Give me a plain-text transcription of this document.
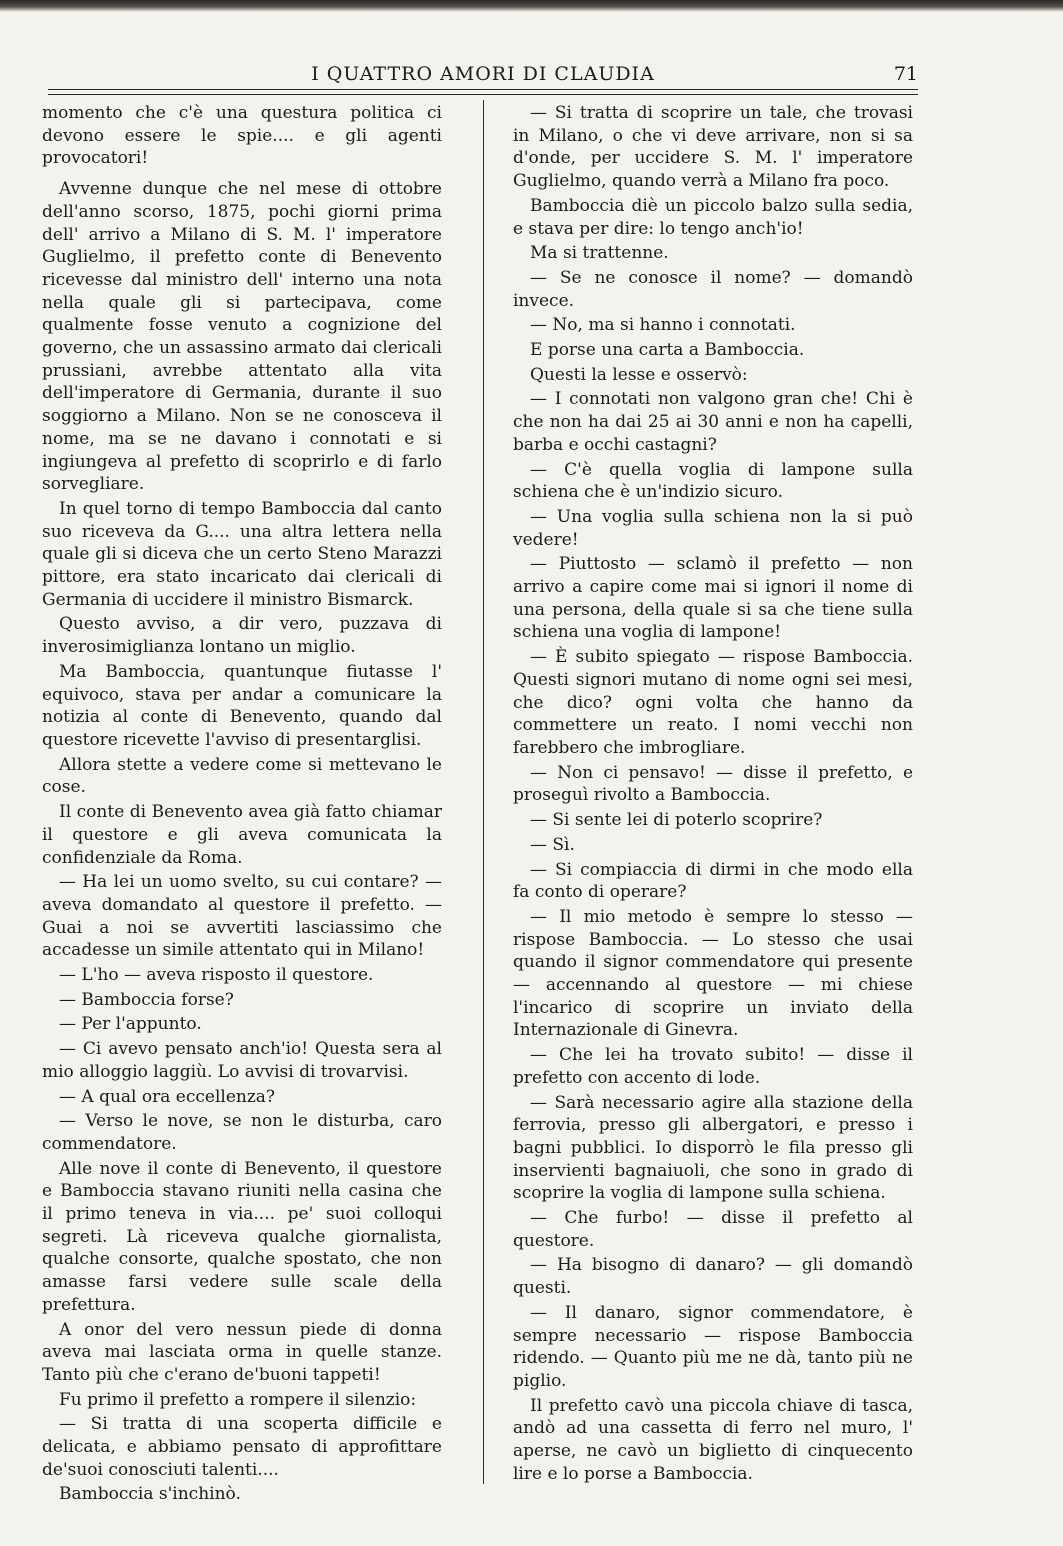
I QUATTRO AMORI DI CLAUDIA	71

momento che c'è una questura politica ci devono essere le spie.... e gli agenti provocatori!

Avvenne dunque che nel mese di ottobre dell'anno scorso, 1875, pochi giorni prima dell' arrivo a Milano di S. M. l' imperatore Guglielmo, il prefetto conte di Benevento ricevesse dal ministro dell' interno una nota nella quale gli si partecipava, come qualmente fosse venuto a cognizione del governo, che un assassino armato dai clericali prussiani, avrebbe attentato alla vita dell'imperatore di Germania, durante il suo soggiorno a Milano. Non se ne conosceva il nome, ma se ne davano i connotati e si ingiungeva al prefetto di scoprirlo e di farlo sorvegliare.

In quel torno di tempo Bamboccia dal canto suo riceveva da G.... una altra lettera nella quale gli si diceva che un certo Steno Marazzi pittore, era stato incaricato dai clericali di Germania di uccidere il ministro Bismarck.

Questo avviso, a dir vero, puzzava di inverosimiglianza lontano un miglio.

Ma Bamboccia, quantunque fiutasse l' equivoco, stava per andar a comunicare la notizia al conte di Benevento, quando dal questore ricevette l'avviso di presentarglisi.

Allora stette a vedere come si mettevano le cose.

Il conte di Benevento avea già fatto chiamar il questore e gli aveva comunicata la confidenziale da Roma.

— Ha lei un uomo svelto, su cui contare? — aveva domandato al questore il prefetto. — Guai a noi se avvertiti lasciassimo che accadesse un simile attentato qui in Milano!

— L'ho — aveva risposto il questore.

— Bamboccia forse?

— Per l'appunto.

— Ci avevo pensato anch'io! Questa sera al mio alloggio laggiù. Lo avvisi di trovarvisi.

— A qual ora eccellenza?

— Verso le nove, se non le disturba, caro commendatore.

Alle nove il conte di Benevento, il questore e Bamboccia stavano riuniti nella casina che il primo teneva in via.... pe' suoi colloqui segreti. Là riceveva qualche giornalista, qualche consorte, qualche spostato, che non amasse farsi vedere sulle scale della prefettura.

A onor del vero nessun piede di donna aveva mai lasciata orma in quelle stanze. Tanto più che c'erano de'buoni tappeti!

Fu primo il prefetto a rompere il silenzio:

— Si tratta di una scoperta difficile e delicata, e abbiamo pensato di approfittare de'suoi conosciuti talenti....

Bamboccia s'inchinò.

— Si tratta di scoprire un tale, che trovasi in Milano, o che vi deve arrivare, non si sa d'onde, per uccidere S. M. l' imperatore Guglielmo, quando verrà a Milano fra poco.

Bamboccia diè un piccolo balzo sulla sedia, e stava per dire: lo tengo anch'io!

Ma si trattenne.

— Se ne conosce il nome? — domandò invece.

— No, ma si hanno i connotati.

E porse una carta a Bamboccia.

Questi la lesse e osservò:

— I connotati non valgono gran che! Chi è che non ha dai 25 ai 30 anni e non ha capelli, barba e occhi castagni?

— C'è quella voglia di lampone sulla schiena che è un'indizio sicuro.

— Una voglia sulla schiena non la si può vedere!

— Piuttosto — sclamò il prefetto — non arrivo a capire come mai si ignori il nome di una persona, della quale si sa che tiene sulla schiena una voglia di lampone!

— È subito spiegato — rispose Bamboccia. Questi signori mutano di nome ogni sei mesi, che dico? ogni volta che hanno da commettere un reato. I nomi vecchi non farebbero che imbrogliare.

— Non ci pensavo! — disse il prefetto, e proseguì rivolto a Bamboccia.

— Si sente lei di poterlo scoprire?

— Sì.

— Si compiaccia di dirmi in che modo ella fa conto di operare?

— Il mio metodo è sempre lo stesso — rispose Bamboccia. — Lo stesso che usai quando il signor commendatore qui presente — accennando al questore — mi chiese l'incarico di scoprire un inviato della Internazionale di Ginevra.

— Che lei ha trovato subito! — disse il prefetto con accento di lode.

— Sarà necessario agire alla stazione della ferrovia, presso gli albergatori, e presso i bagni pubblici. Io disporrò le fila presso gli inservienti bagnaiuoli, che sono in grado di scoprire la voglia di lampone sulla schiena.

— Che furbo! — disse il prefetto al questore.

— Ha bisogno di danaro? — gli domandò questi.

— Il danaro, signor commendatore, è sempre necessario — rispose Bamboccia ridendo. — Quanto più me ne dà, tanto più ne piglio.

Il prefetto cavò una piccola chiave di tasca, andò ad una cassetta di ferro nel muro, l' aperse, ne cavò un biglietto di cinquecento lire e lo porse a Bamboccia.
